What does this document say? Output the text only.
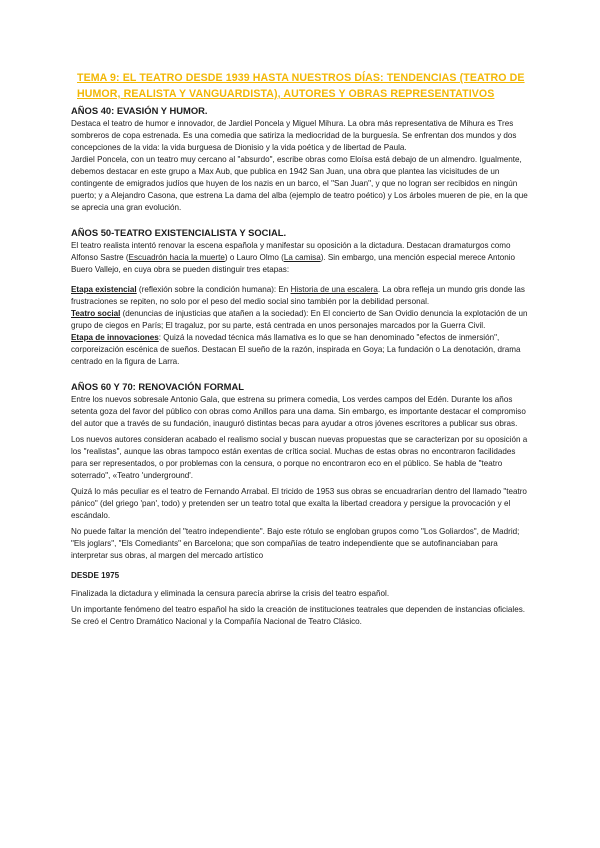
TEMA 9: EL TEATRO DESDE 1939 HASTA NUESTROS DÍAS: TENDENCIAS (TEATRO DE HUMOR, REALISTA Y VANGUARDISTA), AUTORES Y OBRAS REPRESENTATIVOS
AÑOS 40: EVASIÓN Y HUMOR.

Destaca el teatro de humor e innovador, de Jardiel Poncela y Miguel Mihura. La obra más representativa de Mihura es Tres sombreros de copa estrenada. Es una comedia que satiriza la mediocridad de la burguesía. Se enfrentan dos mundos y dos concepciones de la vida: la vida burguesa de Dionisio y la vida poética y de libertad de Paula.

Jardiel Poncela, con un teatro muy cercano al "absurdo", escribe obras como Eloísa está debajo de un almendro. Igualmente, debemos destacar en este grupo a Max Aub, que publica en 1942 San Juan, una obra que plantea las vicisitudes de un contingente de emigrados judíos que huyen de los nazis en un barco, el "San Juan", y que no logran ser recibidos en ningún puerto; y a Alejandro Casona, que estrena La dama del alba (ejemplo de teatro poético) y Los árboles mueren de pie, en la que se aprecia una gran evolución.

AÑOS 50-TEATRO EXISTENCIALISTA Y SOCIAL.

El teatro realista intentó renovar la escena española y manifestar su oposición a la dictadura. Destacan dramaturgos como Alfonso Sastre (Escuadrón hacia la muerte) o Lauro Olmo (La camisa). Sin embargo, una mención especial merece Antonio Buero Vallejo, en cuya obra se pueden distinguir tres etapas:

Etapa existencial (reflexión sobre la condición humana): En Historia de una escalera. La obra refleja un mundo gris donde las frustraciones se repiten, no solo por el peso del medio social sino también por la debilidad personal.

Teatro social (denuncias de injusticias que atañen a la sociedad): En El concierto de San Ovidio denuncia la explotación de un grupo de ciegos en París; El tragaluz, por su parte, está centrada en unos personajes marcados por la Guerra Civil.

Etapa de innovaciones: Quizá la novedad técnica más llamativa es lo que se han denominado "efectos de inmersión", corporeización escénica de sueños. Destacan El sueño de la razón, inspirada en Goya; La fundación o La denotación, drama centrado en la figura de Larra.

AÑOS 60 Y 70: RENOVACIÓN FORMAL

Entre los nuevos sobresale Antonio Gala, que estrena su primera comedia, Los verdes campos del Edén. Durante los años setenta goza del favor del público con obras como Anillos para una dama. Sin embargo, es importante destacar el compromiso del autor que a través de su fundación, inauguró distintas becas para ayudar a otros jóvenes escritores a publicar sus obras.

Los nuevos autores consideran acabado el realismo social y buscan nuevas propuestas que se caracterizan por su oposición a los "realistas", aunque las obras tampoco están exentas de crítica social. Muchas de estas obras no encontraron facilidades para ser representados, o por problemas con la censura, o porque no encontraron eco en el público. Se habla de "teatro soterrado", «Teatro 'underground'.

Quizá lo más peculiar es el teatro de Fernando Arrabal. El tricido de 1953 sus obras se encuadrarían dentro del llamado "teatro pánico" (del griego 'pan', todo) y pretenden ser un teatro total que exalta la libertad creadora y persigue la provocación y el escándalo.

No puede faltar la mención del "teatro independiente". Bajo este rótulo se engloban grupos como "Los Goliardos", de Madrid; "Els joglars", "Els Comediants" en Barcelona; que son compañías de teatro independiente que se autofinanciaban para interpretar sus obras, al margen del mercado artístico

DESDE 1975

Finalizada la dictadura y eliminada la censura parecía abrirse la crisis del teatro español.

Un importante fenómeno del teatro español ha sido la creación de instituciones teatrales que dependen de instancias oficiales. Se creó el Centro Dramático Nacional y la Compañía Nacional de Teatro Clásico.
